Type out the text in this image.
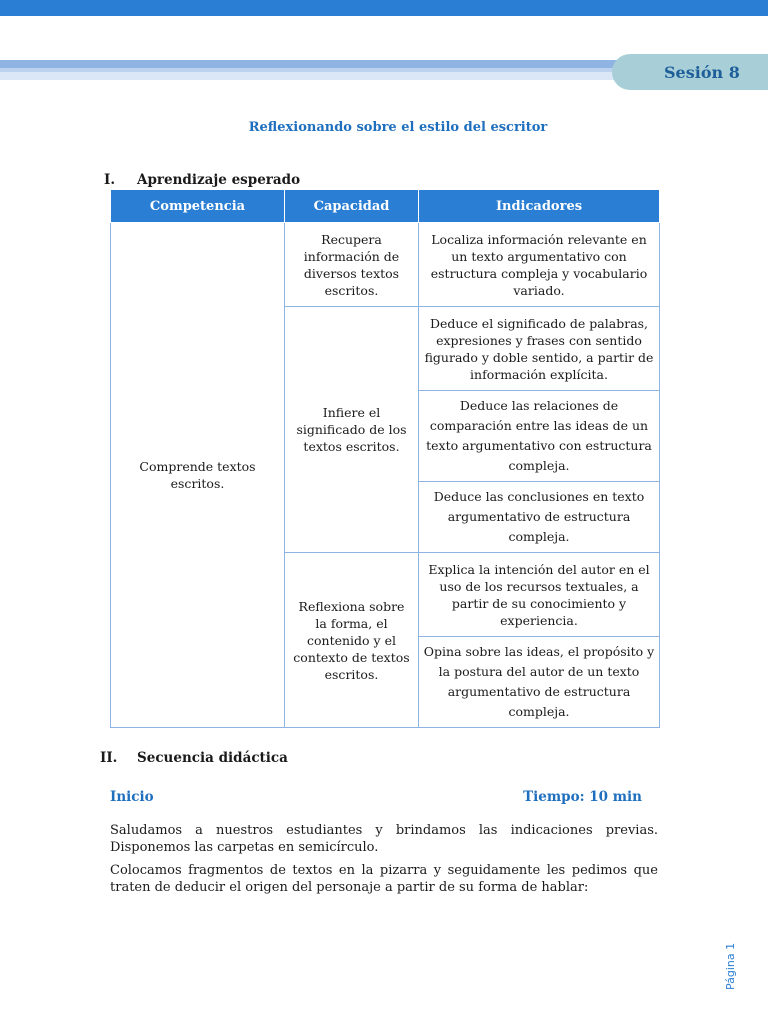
Sesión 8
Reflexionando sobre el estilo del escritor
I. Aprendizaje esperado
Competencia	Capacidad	Indicadores
Comprende textos escritos.	Recupera información de diversos textos escritos.	Localiza información relevante en un texto argumentativo con estructura compleja y vocabulario variado.
	Infiere el significado de los textos escritos.	Deduce el significado de palabras, expresiones y frases con sentido figurado y doble sentido, a partir de información explícita.
		Deduce las relaciones de comparación entre las ideas de un texto argumentativo con estructura compleja.
		Deduce las conclusiones en texto argumentativo de estructura compleja.
	Reflexiona sobre la forma, el contenido y el contexto de textos escritos.	Explica la intención del autor en el uso de los recursos textuales, a partir de su conocimiento y experiencia.
		Opina sobre las ideas, el propósito y la postura del autor de un texto argumentativo de estructura compleja.
II. Secuencia didáctica
Inicio	Tiempo: 10 min
Saludamos a nuestros estudiantes y brindamos las indicaciones previas. Disponemos las carpetas en semicírculo.
Colocamos fragmentos de textos en la pizarra y seguidamente les pedimos que traten de deducir el origen del personaje a partir de su forma de hablar:
Página 1
